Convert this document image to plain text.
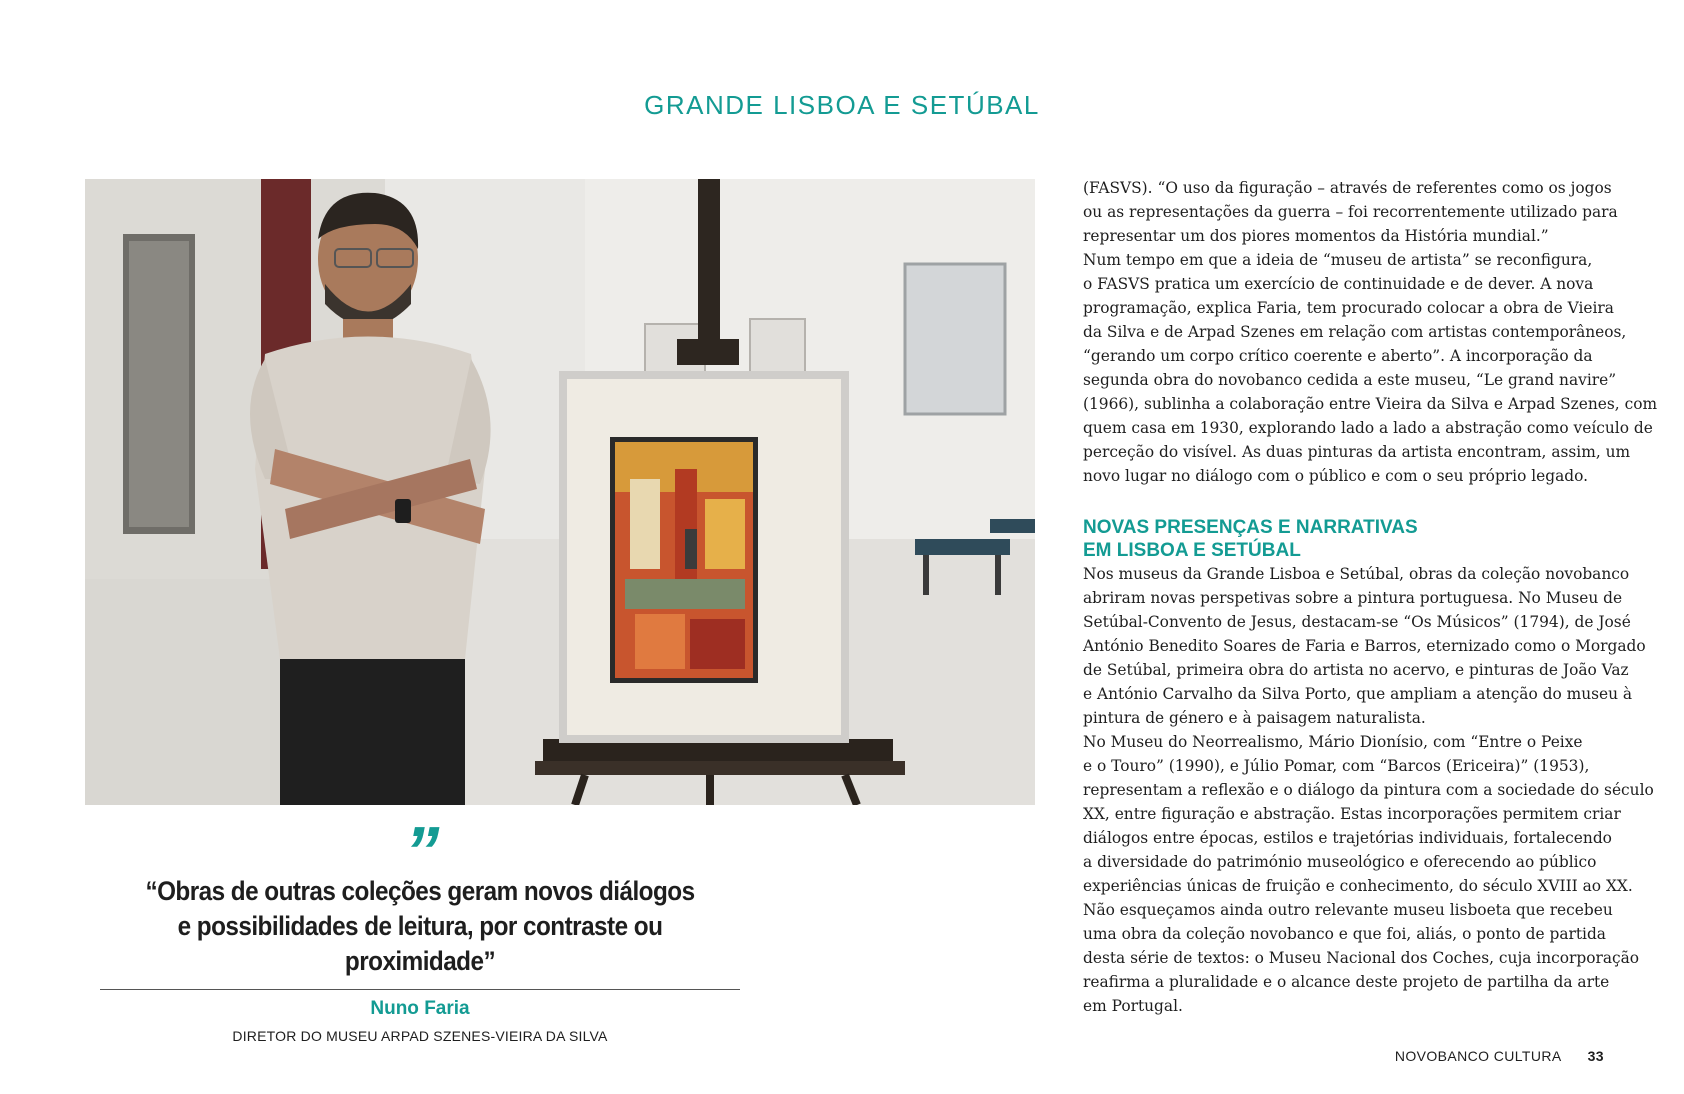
GRANDE LISBOA E SETÚBAL
”
“Obras de outras coleções geram novos diálogos
e possibilidades de leitura, por contraste ou proximidade”
Nuno Faria
DIRETOR DO MUSEU ARPAD SZENES-VIEIRA DA SILVA

(FASVS). “O uso da figuração – através de referentes como os jogos
ou as representações da guerra – foi recorrentemente utilizado para
representar um dos piores momentos da História mundial.”

Num tempo em que a ideia de “museu de artista” se reconfigura,
o FASVS pratica um exercício de continuidade e de dever. A nova
programação, explica Faria, tem procurado colocar a obra de Vieira
da Silva e de Arpad Szenes em relação com artistas contemporâneos,
“gerando um corpo crítico coerente e aberto”. A incorporação da
segunda obra do novobanco cedida a este museu, “Le grand navire”
(1966), sublinha a colaboração entre Vieira da Silva e Arpad Szenes, com
quem casa em 1930, explorando lado a lado a abstração como veículo de
perceção do visível. As duas pinturas da artista encontram, assim, um
novo lugar no diálogo com o público e com o seu próprio legado.

NOVAS PRESENÇAS E NARRATIVAS
EM LISBOA E SETÚBAL

Nos museus da Grande Lisboa e Setúbal, obras da coleção novobanco
abriram novas perspetivas sobre a pintura portuguesa. No Museu de
Setúbal-Convento de Jesus, destacam-se “Os Músicos” (1794), de José
António Benedito Soares de Faria e Barros, eternizado como o Morgado
de Setúbal, primeira obra do artista no acervo, e pinturas de João Vaz
e António Carvalho da Silva Porto, que ampliam a atenção do museu à
pintura de género e à paisagem naturalista.

No Museu do Neorrealismo, Mário Dionísio, com “Entre o Peixe
e o Touro” (1990), e Júlio Pomar, com “Barcos (Ericeira)” (1953),
representam a reflexão e o diálogo da pintura com a sociedade do século
XX, entre figuração e abstração. Estas incorporações permitem criar
diálogos entre épocas, estilos e trajetórias individuais, fortalecendo
a diversidade do património museológico e oferecendo ao público
experiências únicas de fruição e conhecimento, do século XVIII ao XX.

Não esqueçamos ainda outro relevante museu lisboeta que recebeu
uma obra da coleção novobanco e que foi, aliás, o ponto de partida
desta série de textos: o Museu Nacional dos Coches, cuja incorporação
reafirma a pluralidade e o alcance deste projeto de partilha da arte
em Portugal.

NOVOBANCO CULTURA 33
